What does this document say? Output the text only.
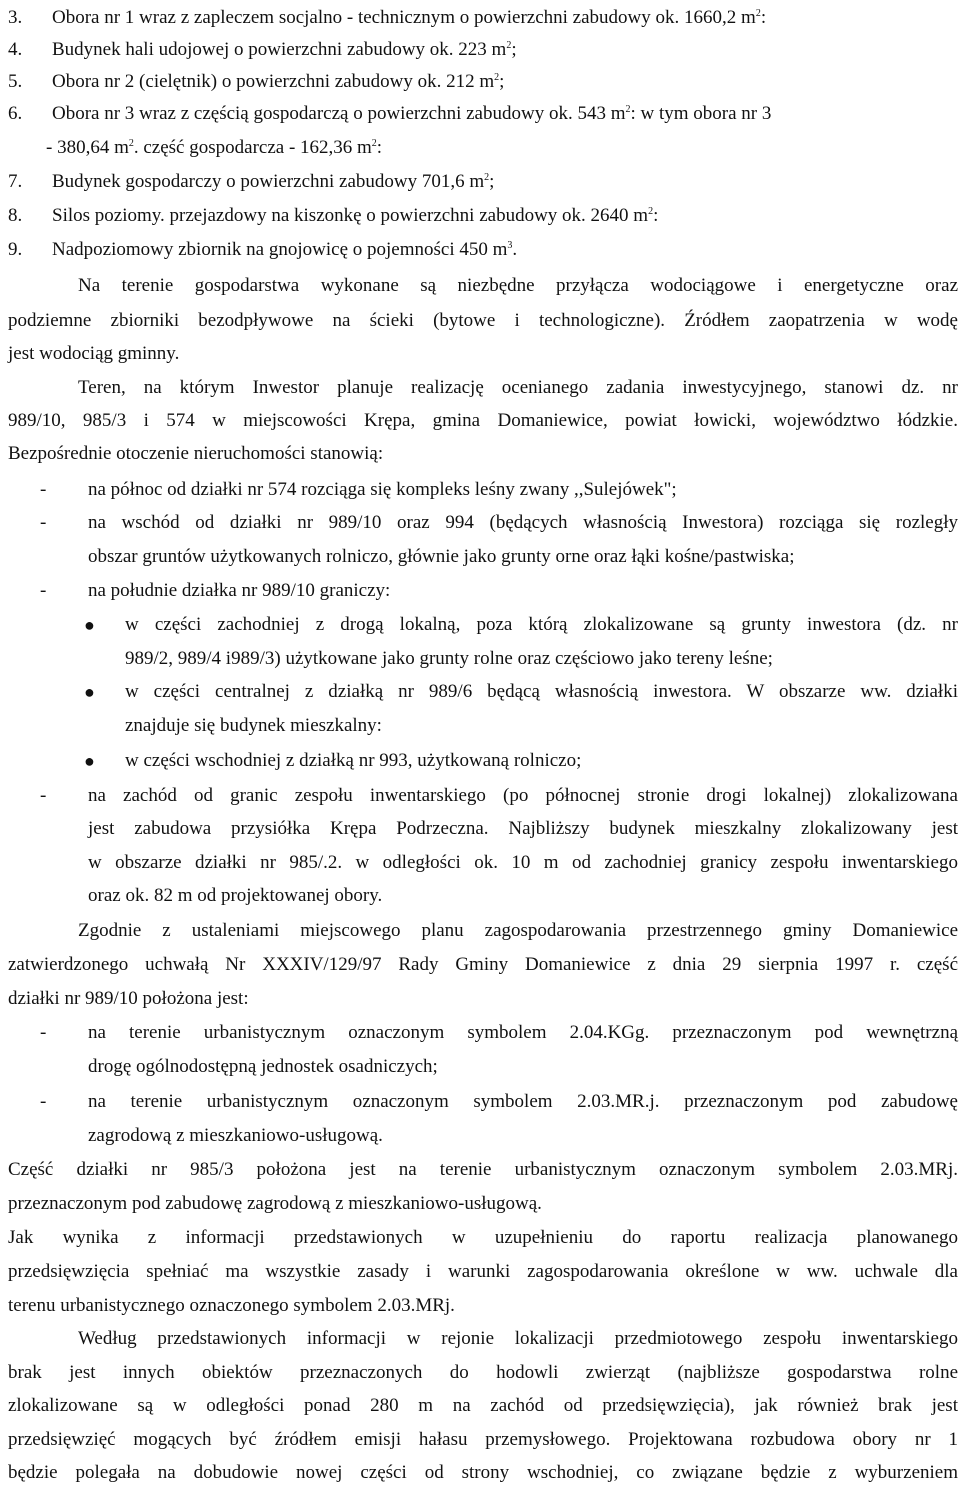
3.	Obora nr 1 wraz z zapleczem socjalno - technicznym o powierzchni zabudowy ok. 1660,2 $m^2$:
4.	Budynek hali udojowej o powierzchni zabudowy ok. 223 $m^2$;
5.	Obora nr 2 (cielętnik) o powierzchni zabudowy ok. 212 $m^2$;
6.	Obora nr 3 wraz z częścią gospodarczą o powierzchni zabudowy ok. 543 $m^2$: w tym obora nr 3
- 380,64 $m^2$. część gospodarcza - 162,36 $m^2$:
7.	Budynek gospodarczy o powierzchni zabudowy 701,6 $m^2$;
8.	Silos poziomy. przejazdowy na kiszonkę o powierzchni zabudowy ok. 2640 $m^2$:
9.	Nadpoziomowy zbiornik na gnojowicę o pojemności 450 $m^3$.
Na terenie gospodarstwa wykonane są niezbędne przyłącza wodociągowe i energetyczne oraz
podziemne zbiorniki bezodpływowe na ścieki (bytowe i technologiczne). Źródłem zaopatrzenia w wodę
jest wodociąg gminny.
Teren, na którym Inwestor planuje realizację ocenianego zadania inwestycyjnego, stanowi dz. nr
989/10, 985/3 i 574 w miejscowości Krępa, gmina Domaniewice, powiat łowicki, województwo łódzkie.
Bezpośrednie otoczenie nieruchomości stanowią:
- na północ od działki nr 574 rozciąga się kompleks leśny zwany ,,Sulejówek";
- na wschód od działki nr 989/10 oraz 994 (będących własnością Inwestora) rozciąga się rozległy
obszar gruntów użytkowanych rolniczo, głównie jako grunty orne oraz łąki kośne/pastwiska;
- na południe działka nr 989/10 graniczy:
● w części zachodniej z drogą lokalną, poza którą zlokalizowane są grunty inwestora (dz. nr
989/2, 989/4 i989/3) użytkowane jako grunty rolne oraz częściowo jako tereny leśne;
● w części centralnej z działką nr 989/6 będącą własnością inwestora. W obszarze ww. działki
znajduje się budynek mieszkalny:
● w części wschodniej z działką nr 993, użytkowaną rolniczo;
- na zachód od granic zespołu inwentarskiego (po północnej stronie drogi lokalnej) zlokalizowana
jest zabudowa przysiółka Krępa Podrzeczna. Najbliższy budynek mieszkalny zlokalizowany jest
w obszarze działki nr 985/.2. w odległości ok. 10 m od zachodniej granicy zespołu inwentarskiego
oraz ok. 82 m od projektowanej obory.
Zgodnie z ustaleniami miejscowego planu zagospodarowania przestrzennego gminy Domaniewice
zatwierdzonego uchwałą Nr XXXIV/129/97 Rady Gminy Domaniewice z dnia 29 sierpnia 1997 r. część
działki nr 989/10 położona jest:
- na terenie urbanistycznym oznaczonym symbolem 2.04.KGg. przeznaczonym pod wewnętrzną
drogę ogólnodostępną jednostek osadniczych;
- na terenie urbanistycznym oznaczonym symbolem 2.03.MR.j. przeznaczonym pod zabudowę
zagrodową z mieszkaniowo-usługową.
Część działki nr 985/3 położona jest na terenie urbanistycznym oznaczonym symbolem 2.03.MRj.
przeznaczonym pod zabudowę zagrodową z mieszkaniowo-usługową.
Jak wynika z informacji przedstawionych w uzupełnieniu do raportu realizacja planowanego
przedsięwzięcia spełniać ma wszystkie zasady i warunki zagospodarowania określone w ww. uchwale dla
terenu urbanistycznego oznaczonego symbolem 2.03.MRj.
Według przedstawionych informacji w rejonie lokalizacji przedmiotowego zespołu inwentarskiego
brak jest innych obiektów przeznaczonych do hodowli zwierząt (najbliższe gospodarstwa rolne
zlokalizowane są w odległości ponad 280 m na zachód od przedsięwzięcia), jak również brak jest
przedsięwzięć mogących być źródłem emisji hałasu przemysłowego. Projektowana rozbudowa obory nr 1
będzie polegała na dobudowie nowej części od strony wschodniej, co związane będzie z wyburzeniem
